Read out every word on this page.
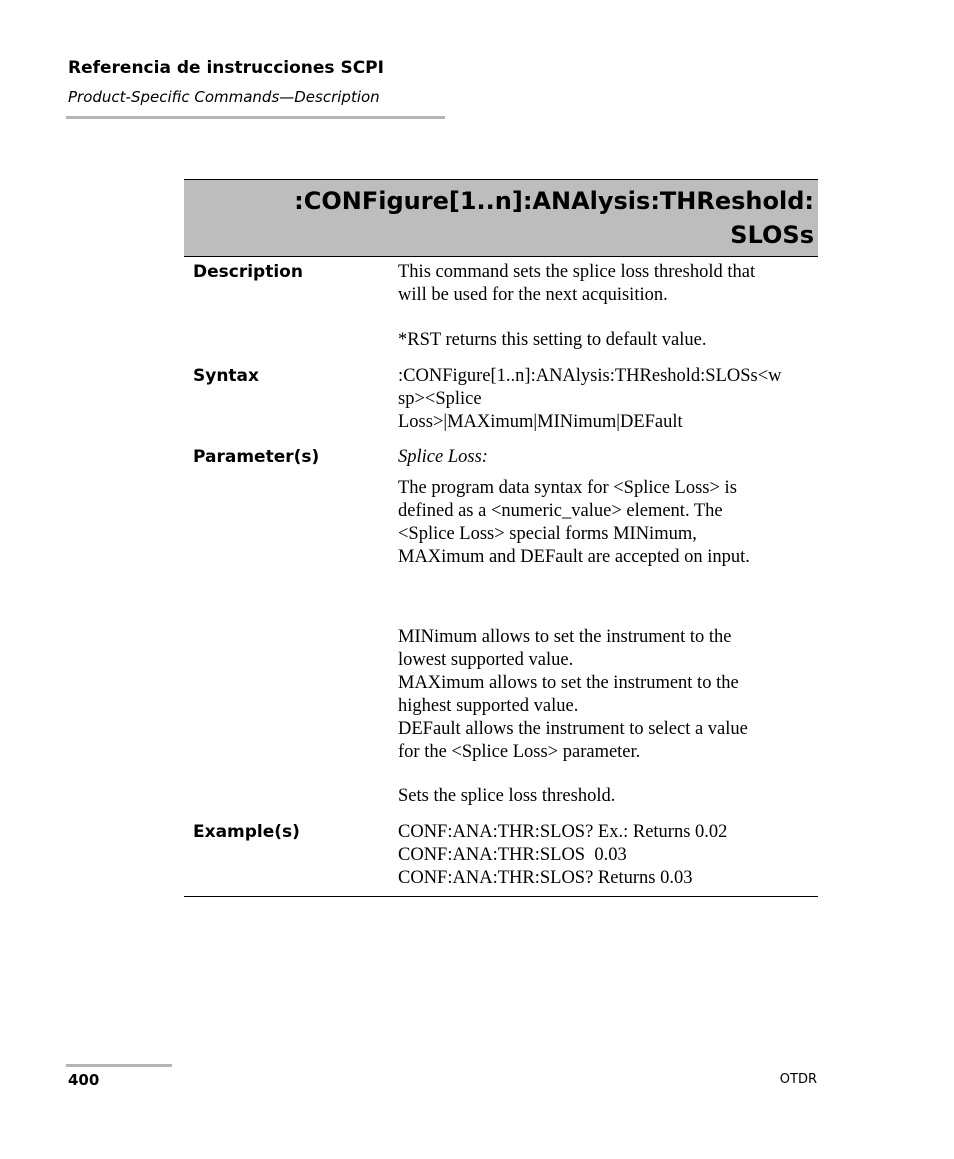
Referencia de instrucciones SCPI
Product-Specific Commands—Description
:CONFigure[1..n]:ANAlysis:THReshold:
SLOSs
Description	This command sets the splice loss threshold that
will be used for the next acquisition.
*RST returns this setting to default value.
Syntax	:CONFigure[1..n]:ANAlysis:THReshold:SLOSs<w
sp><Splice
Loss>|MAXimum|MINimum|DEFault
Parameter(s)	Splice Loss:
The program data syntax for <Splice Loss> is
defined as a <numeric_value> element. The
<Splice Loss> special forms MINimum,
MAXimum and DEFault are accepted on input.
MINimum allows to set the instrument to the
lowest supported value.
MAXimum allows to set the instrument to the
highest supported value.
DEFault allows the instrument to select a value
for the <Splice Loss> parameter.
Sets the splice loss threshold.
Example(s)	CONF:ANA:THR:SLOS? Ex.: Returns 0.02
CONF:ANA:THR:SLOS  0.03
CONF:ANA:THR:SLOS? Returns 0.03
400	OTDR
